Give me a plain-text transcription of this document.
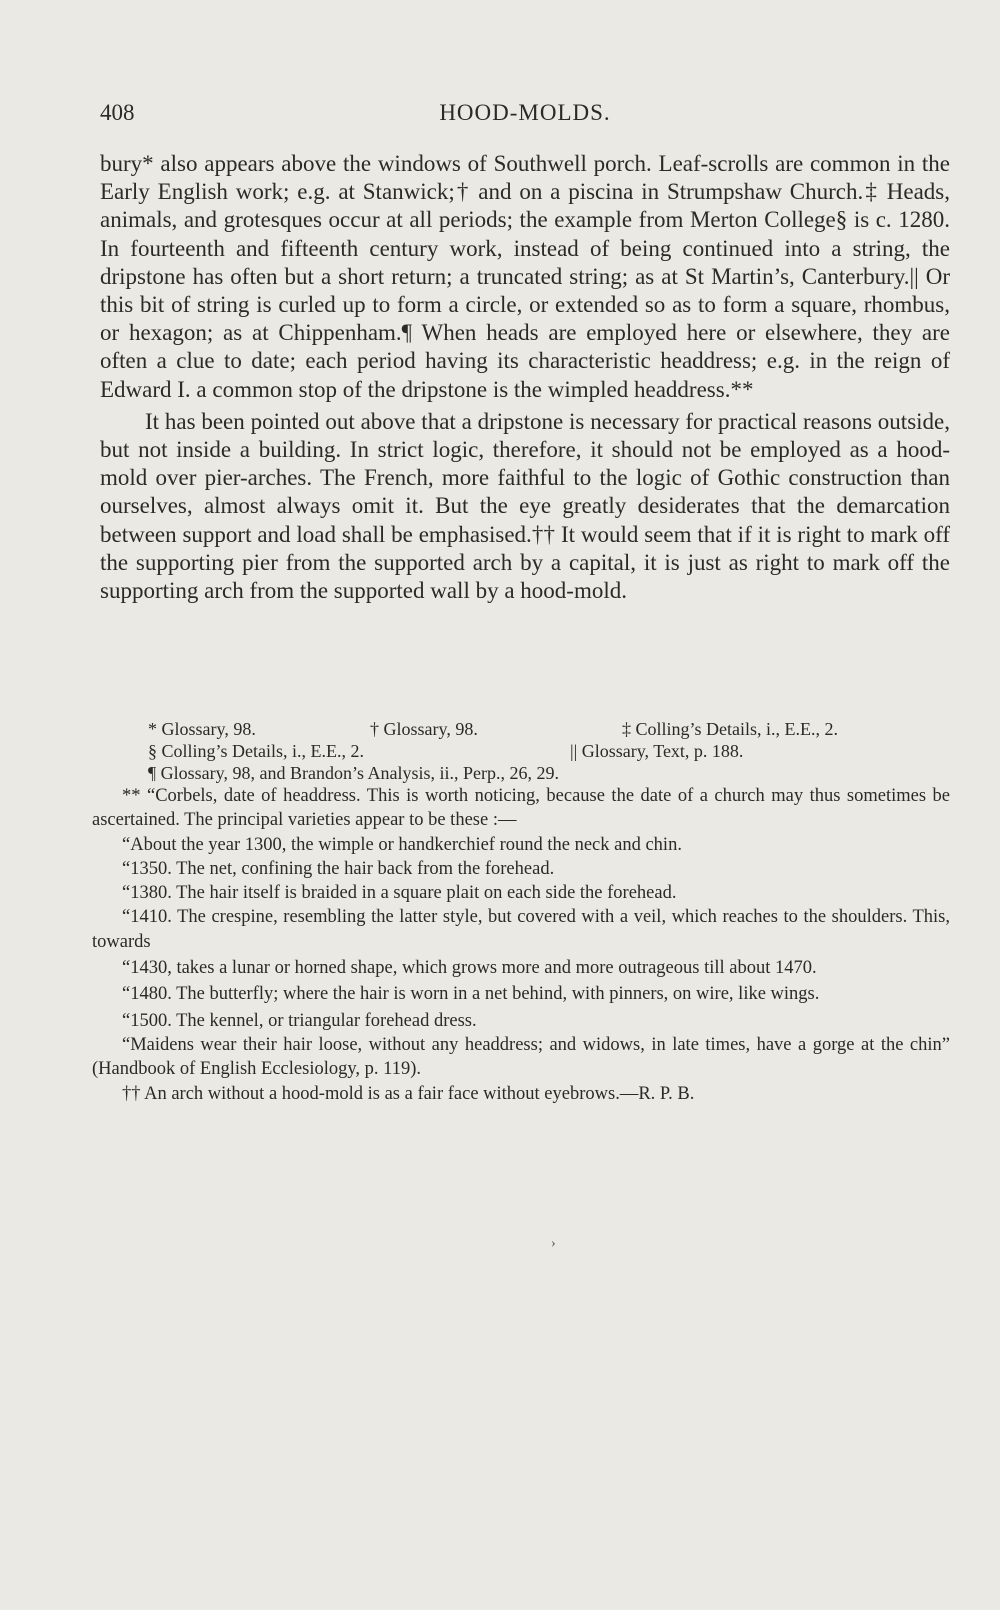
408	HOOD-MOLDS.

bury* also appears above the windows of Southwell porch. Leaf-scrolls are common in the Early English work; e.g. at Stanwick;† and on a piscina in Strumpshaw Church.‡ Heads, animals, and grotesques occur at all periods; the example from Merton College§ is c. 1280. In fourteenth and fifteenth century work, instead of being continued into a string, the dripstone has often but a short return; a truncated string; as at St Martin’s, Canterbury.|| Or this bit of string is curled up to form a circle, or extended so as to form a square, rhombus, or hexagon; as at Chippenham.¶ When heads are employed here or elsewhere, they are often a clue to date; each period having its characteristic headdress; e.g. in the reign of Edward I. a common stop of the dripstone is the wimpled headdress.**

It has been pointed out above that a dripstone is necessary for practical reasons outside, but not inside a building. In strict logic, therefore, it should not be employed as a hood-mold over pier-arches. The French, more faithful to the logic of Gothic construction than ourselves, almost always omit it. But the eye greatly desiderates that the demarcation between support and load shall be emphasised.†† It would seem that if it is right to mark off the supporting pier from the supported arch by a capital, it is just as right to mark off the supporting arch from the supported wall by a hood-mold.

* Glossary, 98.	† Glossary, 98.	‡ Colling’s Details, i., E.E., 2.
§ Colling’s Details, i., E.E., 2.	|| Glossary, Text, p. 188.
¶ Glossary, 98, and Brandon’s Analysis, ii., Perp., 26, 29.

** “Corbels, date of headdress. This is worth noticing, because the date of a church may thus sometimes be ascertained. The principal varieties appear to be these :—

“About the year 1300, the wimple or handkerchief round the neck and chin.

“1350. The net, confining the hair back from the forehead.

“1380. The hair itself is braided in a square plait on each side the forehead.

“1410. The crespine, resembling the latter style, but covered with a veil, which reaches to the shoulders. This, towards

“1430, takes a lunar or horned shape, which grows more and more outrageous till about 1470.

“1480. The butterfly; where the hair is worn in a net behind, with pinners, on wire, like wings.

“1500. The kennel, or triangular forehead dress.

“Maidens wear their hair loose, without any headdress; and widows, in late times, have a gorge at the chin” (Handbook of English Ecclesiology, p. 119).

†† An arch without a hood-mold is as a fair face without eyebrows.—R. P. B.

›
